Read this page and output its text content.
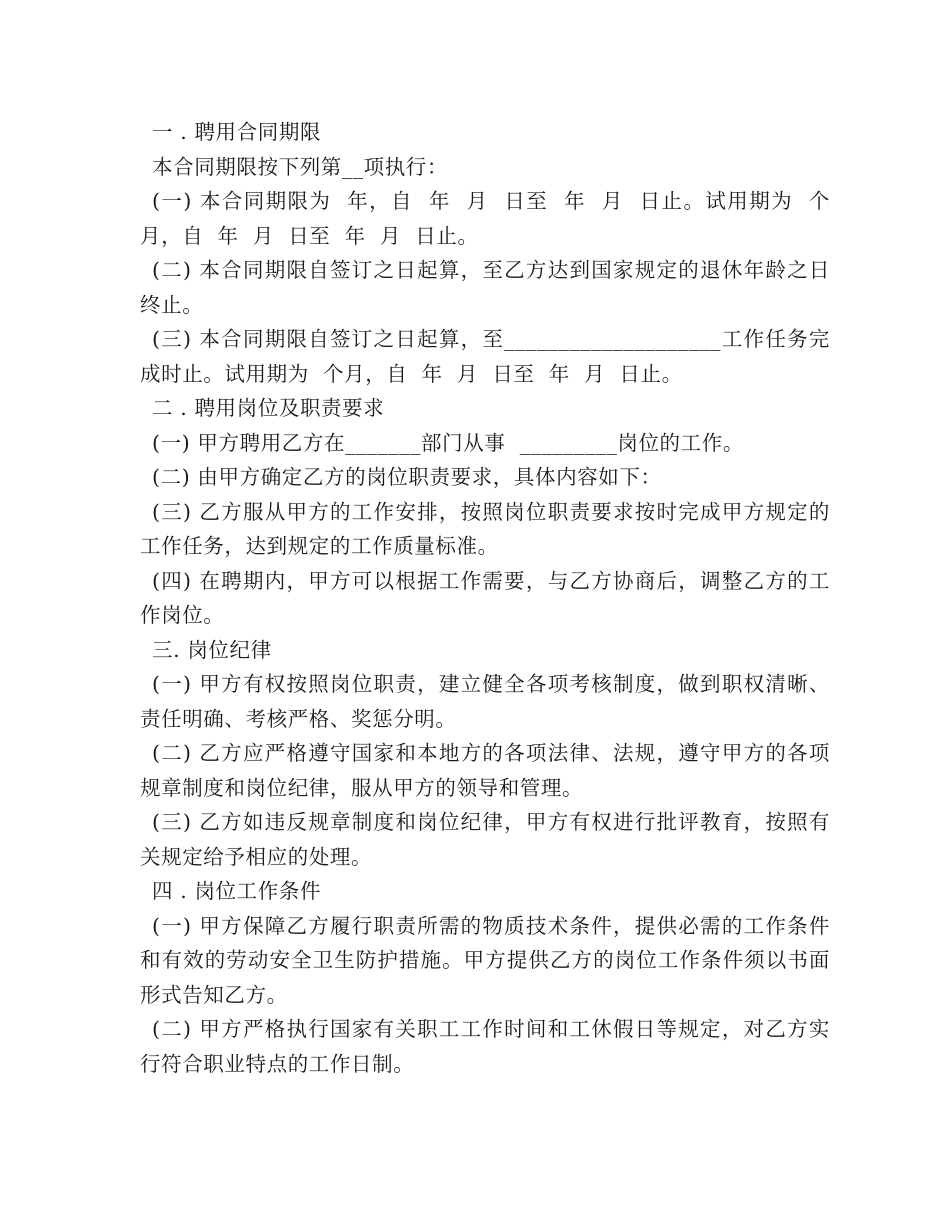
一 . 聘用合同期限

本合同期限按下列第__项执行：

(一) 本合同期限为  年，自  年  月  日至  年  月  日止。试用期为  个月，自  年  月  日至  年  月  日止。

(二) 本合同期限自签订之日起算，至乙方达到国家规定的退休年龄之日终止。

(三) 本合同期限自签订之日起算，至____________________工作任务完成时止。试用期为  个月，自  年  月  日至  年  月  日止。

二 . 聘用岗位及职责要求

(一) 甲方聘用乙方在_______部门从事  _________岗位的工作。

(二) 由甲方确定乙方的岗位职责要求，具体内容如下：

(三) 乙方服从甲方的工作安排，按照岗位职责要求按时完成甲方规定的工作任务，达到规定的工作质量标准。

(四) 在聘期内，甲方可以根据工作需要，与乙方协商后，调整乙方的工作岗位。

三. 岗位纪律

(一) 甲方有权按照岗位职责，建立健全各项考核制度，做到职权清晰、责任明确、考核严格、奖惩分明。

(二) 乙方应严格遵守国家和本地方的各项法律、法规，遵守甲方的各项规章制度和岗位纪律，服从甲方的领导和管理。

(三) 乙方如违反规章制度和岗位纪律，甲方有权进行批评教育，按照有关规定给予相应的处理。

四 . 岗位工作条件

(一) 甲方保障乙方履行职责所需的物质技术条件，提供必需的工作条件和有效的劳动安全卫生防护措施。甲方提供乙方的岗位工作条件须以书面形式告知乙方。

(二) 甲方严格执行国家有关职工工作时间和工休假日等规定，对乙方实行符合职业特点的工作日制。
